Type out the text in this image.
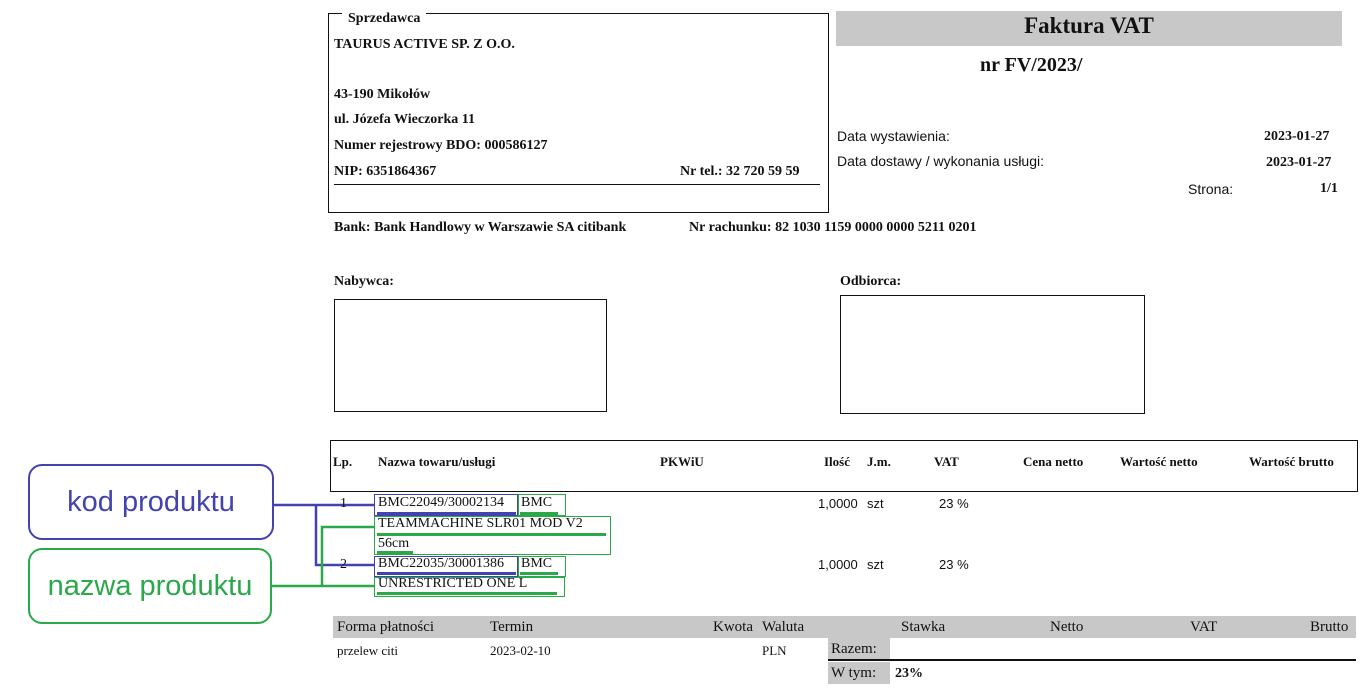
Sprzedawca
TAURUS ACTIVE SP. Z O.O.
43-190 Mikołów
ul. Józefa Wieczorka 11
Numer rejestrowy BDO: 000586127
NIP: 6351864367	Nr tel.: 32 720 59 59
Faktura VAT
nr FV/2023/
Data wystawienia:	2023-01-27
Data dostawy / wykonania usługi:	2023-01-27
Strona:	1/1
Bank: Bank Handlowy w Warszawie SA citibank	Nr rachunku: 82 1030 1159 0000 0000 5211 0201
Nabywca:	Odbiorca:
Lp. Nazwa towaru/usługi	PKWiU	Ilość J.m.	VAT	Cena netto	Wartość netto	Wartość brutto
1 BMC22049/30002134 BMC
TEAMMACHINE SLR01 MOD V2
56cm
1,0000 szt	23 %
2 BMC22035/30001386 BMC
UNRESTRICTED ONE L
1,0000 szt	23 %
kod produktu
nazwa produktu
Forma płatności	Termin	Kwota Waluta	Stawka	Netto	VAT	Brutto
przelew citi	2023-02-10	PLN	Razem:
W tym: 23%
